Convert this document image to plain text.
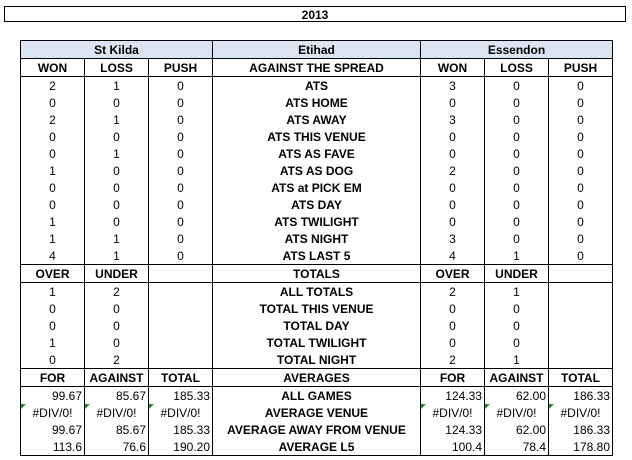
2013
St Kilda			Etihad	Essendon		
WON	LOSS	PUSH	AGAINST THE SPREAD	WON	LOSS	PUSH
2	1	0	ATS	3	0	0
0	0	0	ATS HOME	0	0	0
2	1	0	ATS AWAY	3	0	0
0	0	0	ATS THIS VENUE	0	0	0
0	1	0	ATS AS FAVE	0	0	0
1	0	0	ATS AS DOG	2	0	0
0	0	0	ATS at PICK EM	0	0	0
0	0	0	ATS DAY	0	0	0
1	0	0	ATS TWILIGHT	0	0	0
1	1	0	ATS NIGHT	3	0	0
4	1	0	ATS LAST 5	4	1	0
OVER	UNDER		TOTALS	OVER	UNDER	
1	2		ALL TOTALS	2	1	
0	0		TOTAL THIS VENUE	0	0	
0	0		TOTAL DAY	0	0	
1	0		TOTAL TWILIGHT	0	0	
0	2		TOTAL NIGHT	2	1	
FOR	AGAINST	TOTAL	AVERAGES	FOR	AGAINST	TOTAL
99.67	85.67	185.33	ALL GAMES	124.33	62.00	186.33
#DIV/0!	#DIV/0!	#DIV/0!	AVERAGE VENUE	#DIV/0!	#DIV/0!	#DIV/0!
99.67	85.67	185.33	AVERAGE AWAY FROM VENUE	124.33	62.00	186.33
113.6	76.6	190.20	AVERAGE L5	100.4	78.4	178.80
